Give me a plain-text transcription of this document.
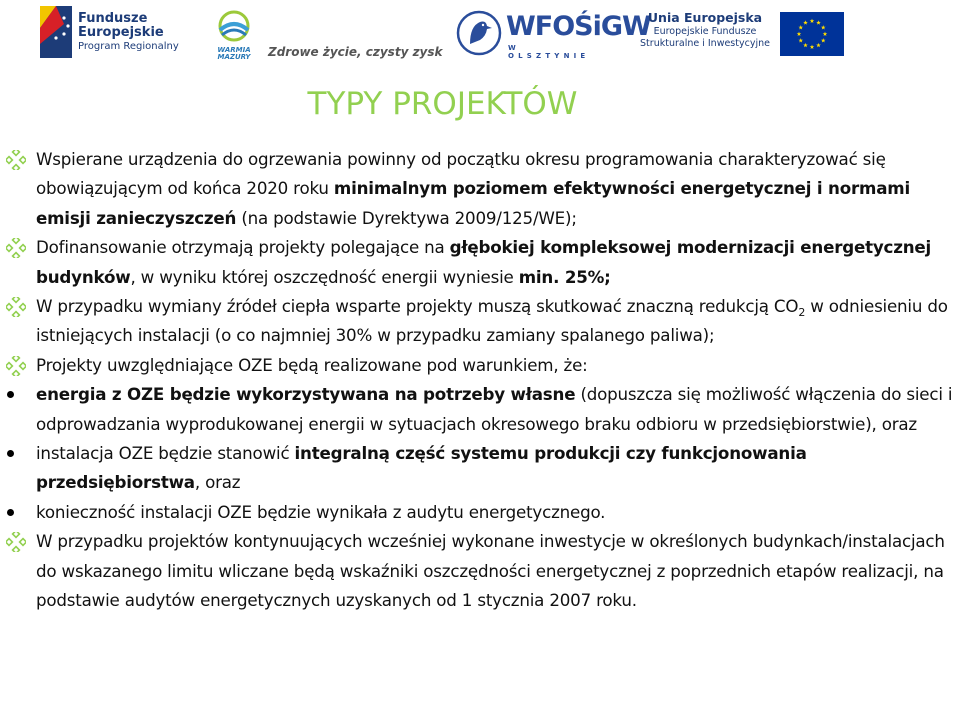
Fundusze
Europejskie
Program Regionalny	WARMIA
MAZURY Zdrowe życie, czysty zysk
WFOŚiGW
W OLSZTYNIE
Unia Europejska
Europejskie Fundusze
Strukturalne i Inwestycyjne
TYPY PROJEKTÓW
Wspierane urządzenia do ogrzewania powinny od początku okresu programowania charakteryzować się obowiązującym od końca 2020 roku minimalnym poziomem efektywności energetycznej i normami emisji zanieczyszczeń (na podstawie Dyrektywa 2009/125/WE);
Dofinansowanie otrzymają projekty polegające na głębokiej kompleksowej modernizacji energetycznej budynków, w wyniku której oszczędność energii wyniesie min. 25%;
W przypadku wymiany źródeł ciepła wsparte projekty muszą skutkować znaczną redukcją $CO_2$ w odniesieniu do istniejących instalacji (o co najmniej 30% w przypadku zamiany spalanego paliwa);
Projekty uwzględniające OZE będą realizowane pod warunkiem, że:
energia z OZE będzie wykorzystywana na potrzeby własne (dopuszcza się możliwość włączenia do sieci i odprowadzania wyprodukowanej energii w sytuacjach okresowego braku odbioru w przedsiębiorstwie), oraz
instalacja OZE będzie stanowić integralną część systemu produkcji czy funkcjonowania przedsiębiorstwa, oraz
konieczność instalacji OZE będzie wynikała z audytu energetycznego.
W przypadku projektów kontynuujących wcześniej wykonane inwestycje w określonych budynkach/instalacjach do wskazanego limitu wliczane będą wskaźniki oszczędności energetycznej z poprzednich etapów realizacji, na podstawie audytów energetycznych uzyskanych od 1 stycznia 2007 roku.
